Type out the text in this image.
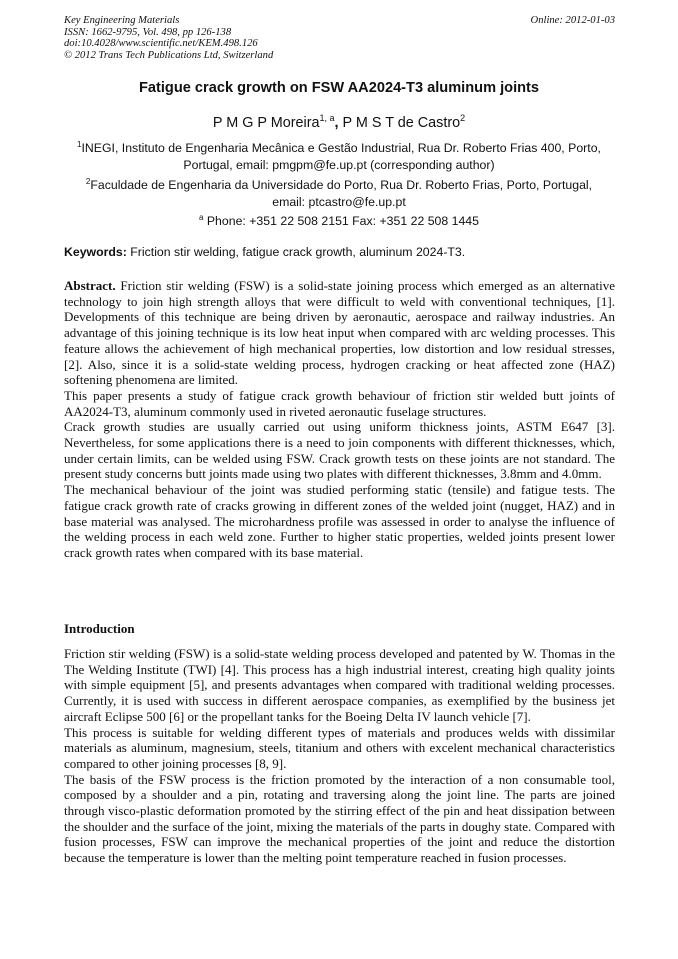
Key Engineering Materials
ISSN: 1662-9795, Vol. 498, pp 126-138
doi:10.4028/www.scientific.net/KEM.498.126
© 2012 Trans Tech Publications Ltd, Switzerland
Online: 2012-01-03
Fatigue crack growth on FSW AA2024-T3 aluminum joints
P M G P Moreira$^{1, a}$, P M S T de Castro$^2$
$^1$INEGI, Instituto de Engenharia Mecânica e Gestão Industrial, Rua Dr. Roberto Frias 400, Porto,
Portugal, email: pmgpm@fe.up.pt (corresponding author)
$^2$Faculdade de Engenharia da Universidade do Porto, Rua Dr. Roberto Frias, Porto, Portugal,
email: ptcastro@fe.up.pt
$^a$ Phone: +351 22 508 2151 Fax: +351 22 508 1445
Keywords: Friction stir welding, fatigue crack growth, aluminum 2024-T3.

Abstract. Friction stir welding (FSW) is a solid-state joining process which emerged as an alternative technology to join high strength alloys that were difficult to weld with conventional techniques, [1]. Developments of this technique are being driven by aeronautic, aerospace and railway industries. An advantage of this joining technique is its low heat input when compared with arc welding processes. This feature allows the achievement of high mechanical properties, low distortion and low residual stresses, [2]. Also, since it is a solid-state welding process, hydrogen cracking or heat affected zone (HAZ) softening phenomena are limited.

This paper presents a study of fatigue crack growth behaviour of friction stir welded butt joints of AA2024-T3, aluminum commonly used in riveted aeronautic fuselage structures.

Crack growth studies are usually carried out using uniform thickness joints, ASTM E647 [3]. Nevertheless, for some applications there is a need to join components with different thicknesses, which, under certain limits, can be welded using FSW. Crack growth tests on these joints are not standard. The present study concerns butt joints made using two plates with different thicknesses, 3.8mm and 4.0mm.

The mechanical behaviour of the joint was studied performing static (tensile) and fatigue tests. The fatigue crack growth rate of cracks growing in different zones of the welded joint (nugget, HAZ) and in base material was analysed. The microhardness profile was assessed in order to analyse the influence of the welding process in each weld zone. Further to higher static properties, welded joints present lower crack growth rates when compared with its base material.

Introduction

Friction stir welding (FSW) is a solid-state welding process developed and patented by W. Thomas in the The Welding Institute (TWI) [4]. This process has a high industrial interest, creating high quality joints with simple equipment [5], and presents advantages when compared with traditional welding processes. Currently, it is used with success in different aerospace companies, as exemplified by the business jet aircraft Eclipse 500 [6] or the propellant tanks for the Boeing Delta IV launch vehicle [7].

This process is suitable for welding different types of materials and produces welds with dissimilar materials as aluminum, magnesium, steels, titanium and others with excelent mechanical characteristics compared to other joining processes [8, 9].

The basis of the FSW process is the friction promoted by the interaction of a non consumable tool, composed by a shoulder and a pin, rotating and traversing along the joint line. The parts are joined through visco-plastic deformation promoted by the stirring effect of the pin and heat dissipation between the shoulder and the surface of the joint, mixing the materials of the parts in doughy state. Compared with fusion processes, FSW can improve the mechanical properties of the joint and reduce the distortion because the temperature is lower than the melting point temperature reached in fusion processes.
